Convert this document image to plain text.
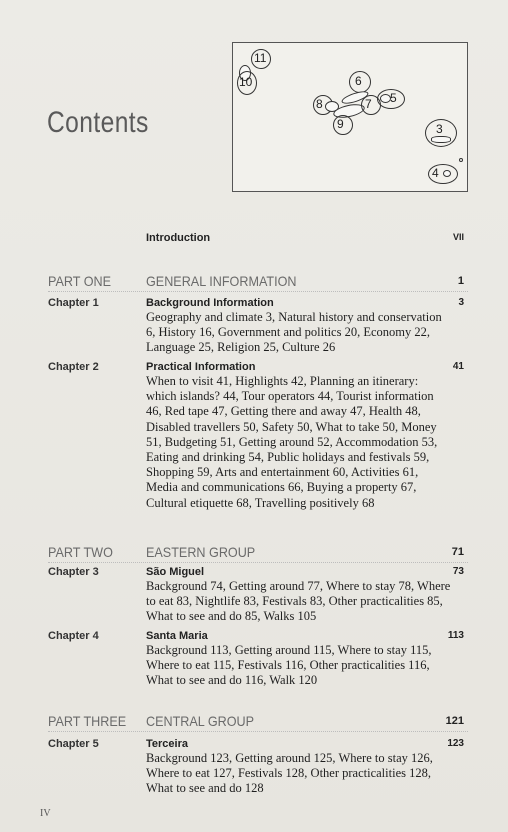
Contents
11
10	6
8	7 5
9	3
4
Introduction	VII
PART ONE GENERAL INFORMATION	1
Chapter 1	Background Information	3
Geography and climate 3, Natural history and conservation 6, History 16, Government and politics 20, Economy 22, Language 25, Religion 25, Culture 26
Chapter 2	Practical Information	41
When to visit 41, Highlights 42, Planning an itinerary: which islands? 44, Tour operators 44, Tourist information 46, Red tape 47, Getting there and away 47, Health 48, Disabled travellers 50, Safety 50, What to take 50, Money 51, Budgeting 51, Getting around 52, Accommodation 53, Eating and drinking 54, Public holidays and festivals 59, Shopping 59, Arts and entertainment 60, Activities 61, Media and communications 66, Buying a property 67, Cultural etiquette 68, Travelling positively 68
PART TWO EASTERN GROUP	71
Chapter 3	São Miguel	73
Background 74, Getting around 77, Where to stay 78, Where to eat 83, Nightlife 83, Festivals 83, Other practicalities 85, What to see and do 85, Walks 105
Chapter 4	Santa Maria	113
Background 113, Getting around 115, Where to stay 115, Where to eat 115, Festivals 116, Other practicalities 116, What to see and do 116, Walk 120
PART THREE CENTRAL GROUP	121
Chapter 5	Terceira	123
Background 123, Getting around 125, Where to stay 126, Where to eat 127, Festivals 128, Other practicalities 128, What to see and do 128
IV
